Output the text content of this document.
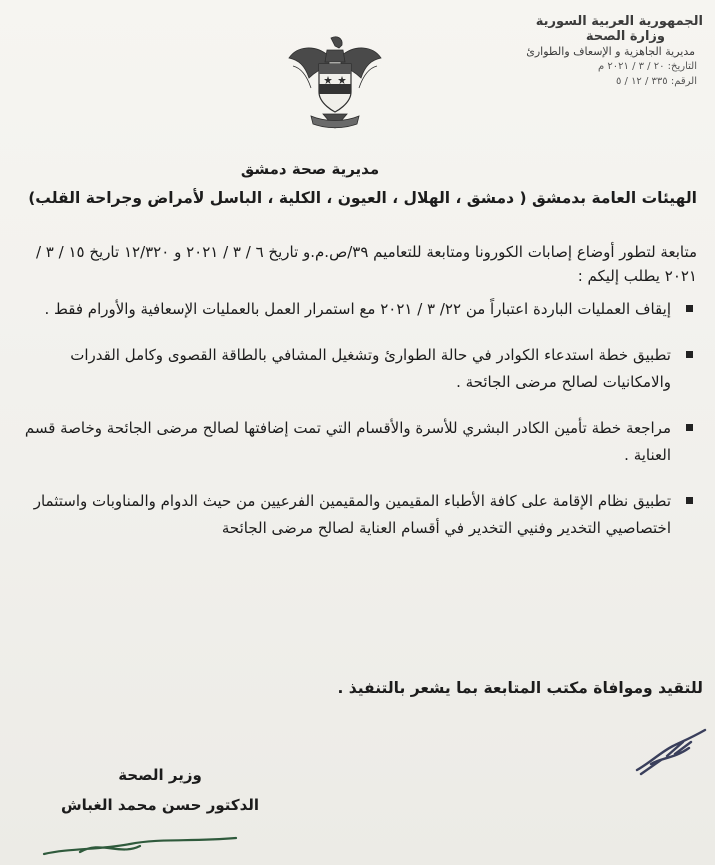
الجمهورية العربية السورية
وزارة الصحة
مديرية الجاهزية و الإسعاف والطوارئ
التاريخ: ٢٠ / ٣ / ٢٠٢١ م
الرقم: ٣٣٥ / ١٢ / ٥
مديرية صحة دمشق
الهيئات العامة بدمشق ( دمشق ، الهلال ، العيون ، الكلية ، الباسل لأمراض وجراحة القلب)

متابعة لتطور أوضاع إصابات الكورونا ومتابعة للتعاميم ٣٩/ص.م.و تاريخ ٦ / ٣ / ٢٠٢١ و ١٢/٣٢٠ تاريخ ١٥ / ٣ / ٢٠٢١ يطلب إليكم :

إيقاف العمليات الباردة اعتباراً من ٢٢/ ٣ / ٢٠٢١ مع استمرار العمل بالعمليات الإسعافية والأورام فقط .
تطبيق خطة استدعاء الكوادر في حالة الطوارئ وتشغيل المشافي بالطاقة القصوى وكامل القدرات والامكانيات لصالح مرضى الجائحة .
مراجعة خطة تأمين الكادر البشري للأسرة والأقسام التي تمت إضافتها لصالح مرضى الجائحة وخاصة قسم العناية .
تطبيق نظام الإقامة على كافة الأطباء المقيمين والمقيمين الفرعيين من حيث الدوام والمناوبات واستثمار اختصاصيي التخدير وفنيي التخدير في أقسام العناية لصالح مرضى الجائحة
للتقيد وموافاة مكتب المتابعة بما يشعر بالتنفيذ .
وزير الصحة
الدكتور حسن محمد الغباش
